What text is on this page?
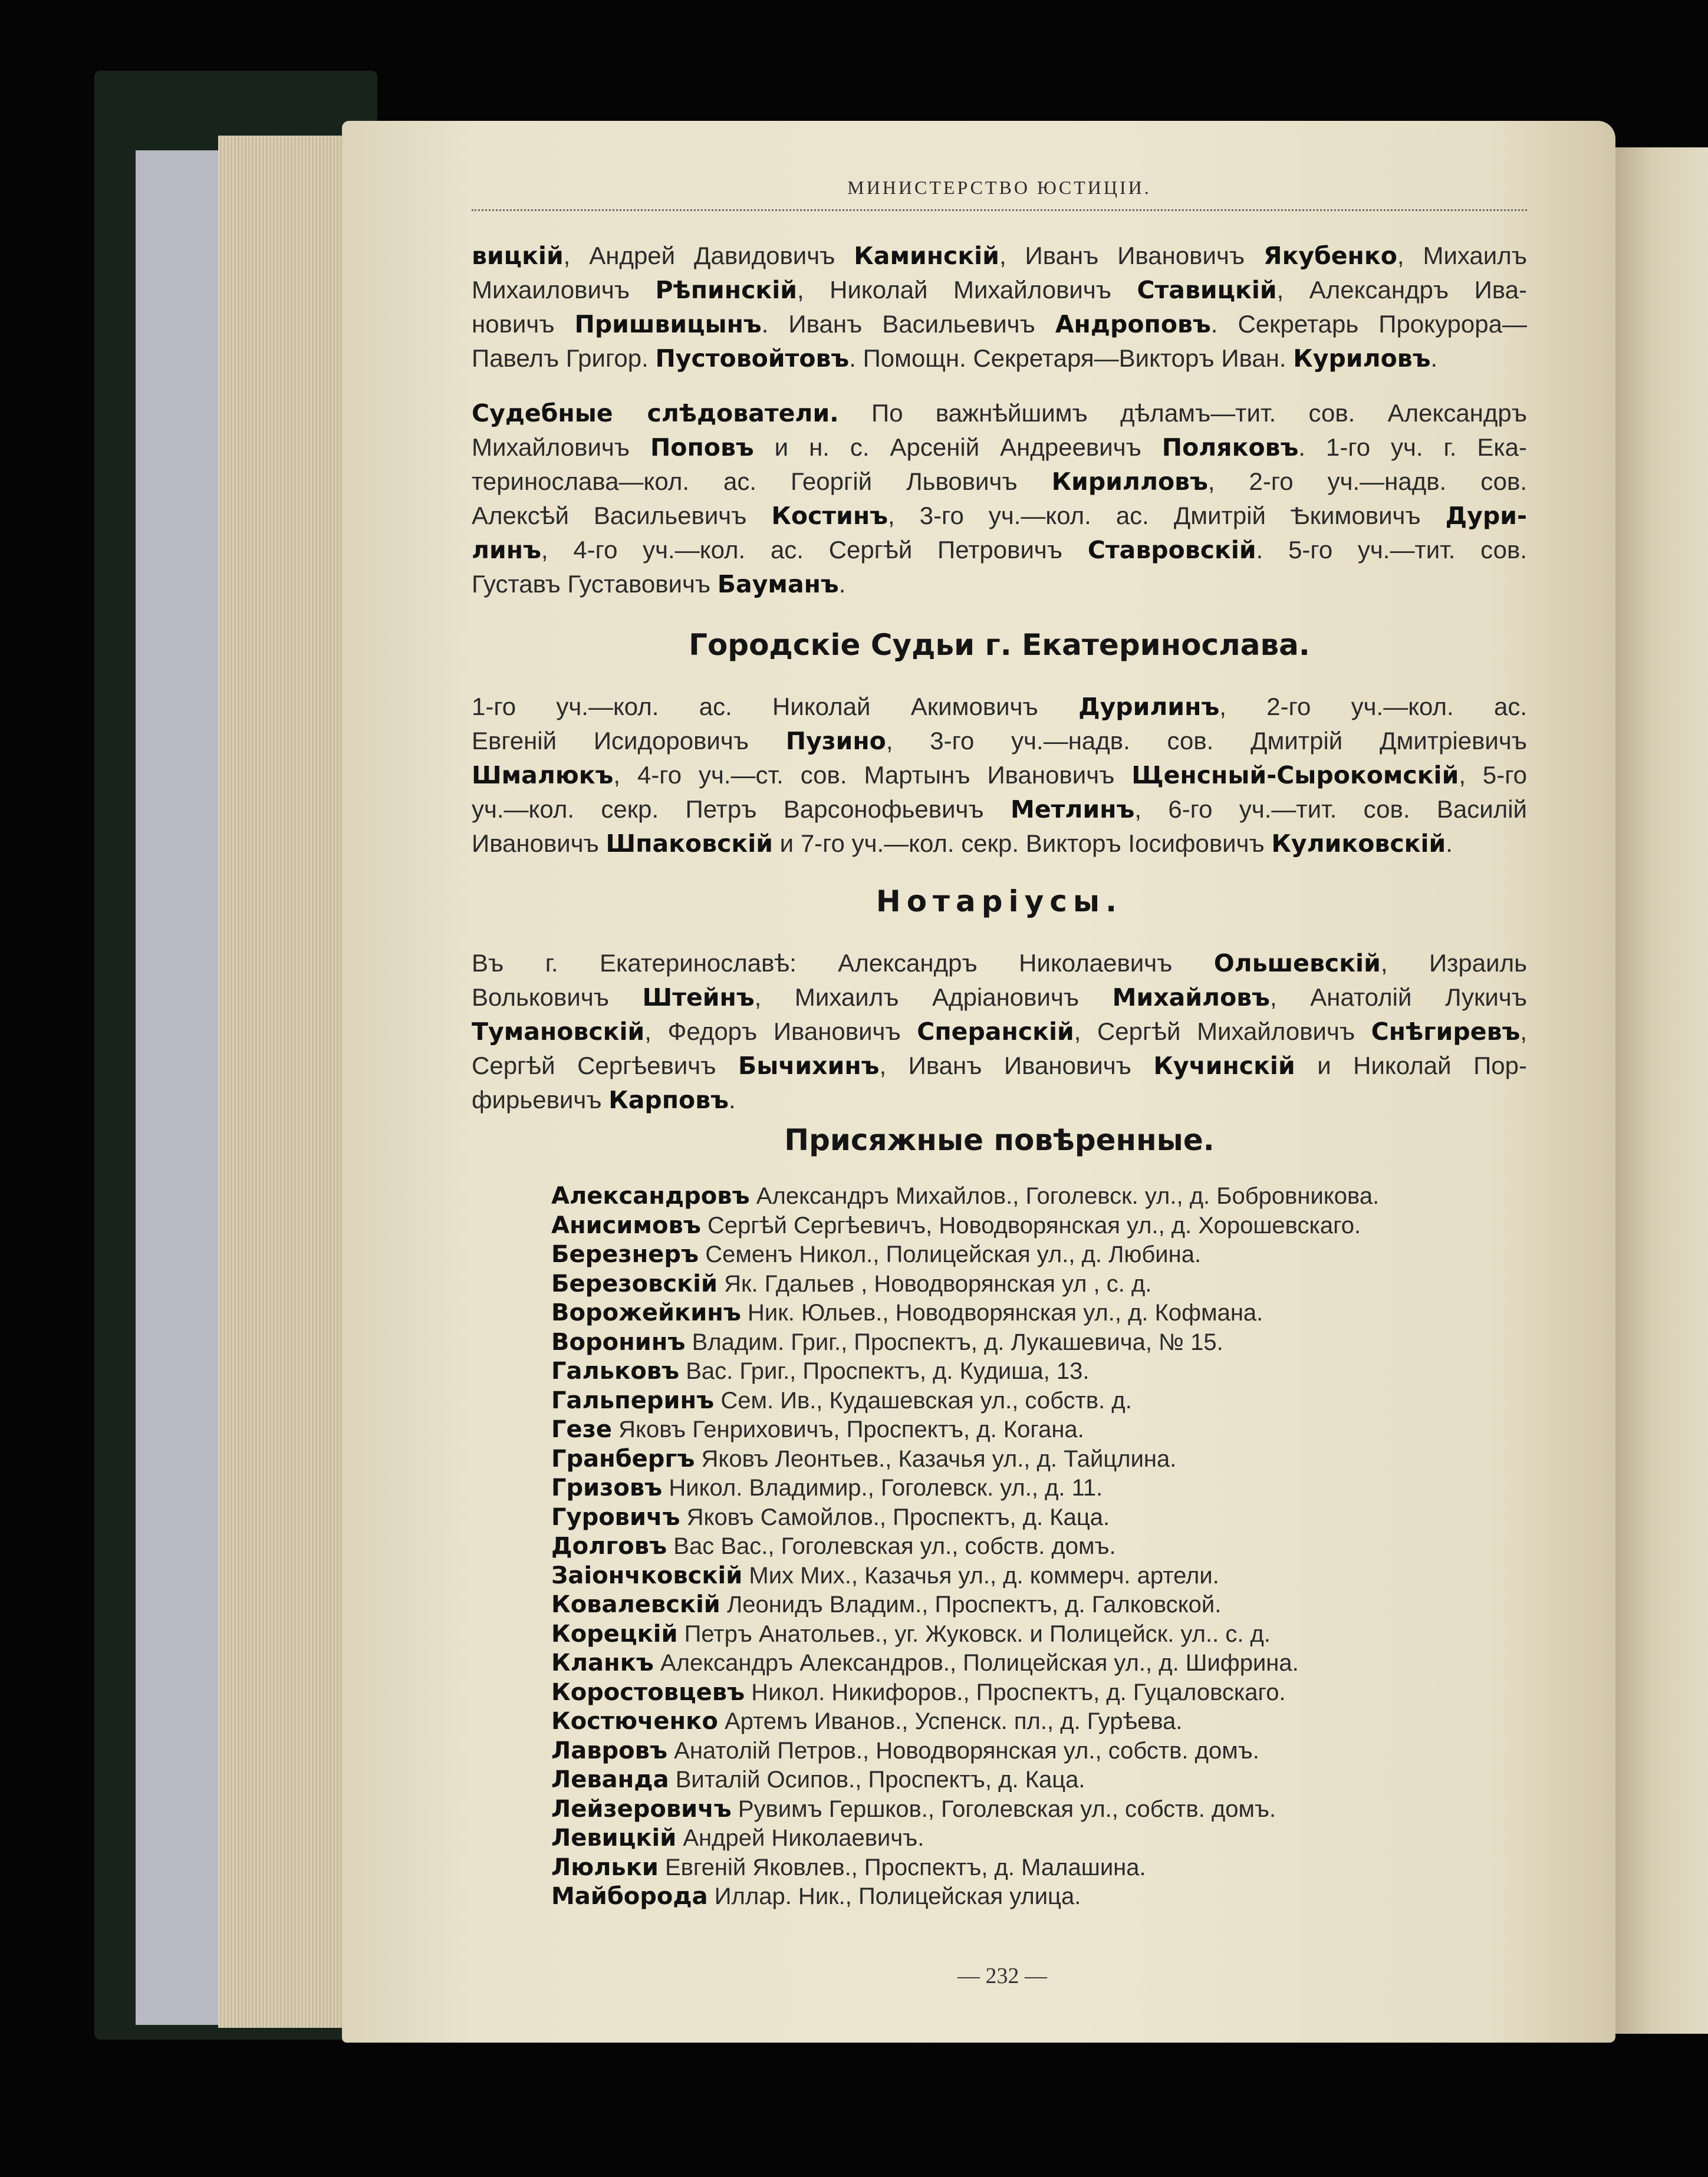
МИНИСТЕРСТВО ЮСТИЦІИ.
вицкій, Андрей Давидовичъ Каминскій, Иванъ Ивановичъ Якубенко, Михаилъ
Михаиловичъ Рѣпинскій, Николай Михайловичъ Ставицкій, Александръ Ива-
новичъ Пришвицынъ. Иванъ Васильевичъ Андроповъ. Секретарь Прокурора—
Павелъ Григор. Пустовойтовъ. Помощн. Секретаря—Викторъ Иван. Куриловъ.
Судебные слѣдователи. По важнѣйшимъ дѣламъ—тит. сов. Александръ
Михайловичъ Поповъ и н. с. Арсеній Андреевичъ Поляковъ. 1-го уч. г. Ека-
теринослава—кол. ас. Георгій Львовичъ Кирилловъ, 2-го уч.—надв. сов.
Алексѣй Васильевичъ Костинъ, 3-го уч.—кол. ас. Дмитрій Ѣкимовичъ Дури-
линъ, 4-го уч.—кол. ас. Сергѣй Петровичъ Ставровскій. 5-го уч.—тит. сов.
Густавъ Густавовичъ Бауманъ.
Городскіе Судьи г. Екатеринослава.
1-го уч.—кол. ас. Николай Акимовичъ Дурилинъ, 2-го уч.—кол. ас.
Евгеній Исидоровичъ Пузино, 3-го уч.—надв. сов. Дмитрій Дмитріевичъ
Шмалюкъ, 4-го уч.—ст. сов. Мартынъ Ивановичъ Щенсный-Сырокомскій, 5-го
уч.—кол. секр. Петръ Варсонофьевичъ Метлинъ, 6-го уч.—тит. сов. Василій
Ивановичъ Шпаковскій и 7-го уч.—кол. секр. Викторъ Іосифовичъ Куликовскій.
Нотаріусы.
Въ г. Екатеринославѣ: Александръ Николаевичъ Ольшевскій, Израиль
Вольковичъ Штейнъ, Михаилъ Адріановичъ Михайловъ, Анатолій Лукичъ
Тумановскій, Федоръ Ивановичъ Сперанскій, Сергѣй Михайловичъ Снѣгиревъ,
Сергѣй Сергѣевичъ Бычихинъ, Иванъ Ивановичъ Кучинскій и Николай Пор-
фирьевичъ Карповъ.
Присяжные повѣренные.
Александровъ Александръ Михайлов., Гоголевск. ул., д. Бобровникова.
Анисимовъ Сергѣй Сергѣевичъ, Новодворянская ул., д. Хорошевскаго.
Березнеръ Семенъ Никол., Полицейская ул., д. Любина.
Березовскій Як. Гдальев , Новодворянская ул , с. д.
Ворожейкинъ Ник. Юльев., Новодворянская ул., д. Кофмана.
Воронинъ Владим. Григ., Проспектъ, д. Лукашевича, № 15.
Гальковъ Вас. Григ., Проспектъ, д. Кудиша, 13.
Гальперинъ Сем. Ив., Кудашевская ул., собств. д.
Гезе Яковъ Генриховичъ, Проспектъ, д. Когана.
Гранбергъ Яковъ Леонтьев., Казачья ул., д. Тайцлина.
Гризовъ Никол. Владимир., Гоголевск. ул., д. 11.
Гуровичъ Яковъ Самойлов., Проспектъ, д. Каца.
Долговъ Вас Вас., Гоголевская ул., собств. домъ.
Заіончковскій Мих Мих., Казачья ул., д. коммерч. артели.
Ковалевскій Леонидъ Владим., Проспектъ, д. Галковской.
Корецкій Петръ Анатольев., уг. Жуковск. и Полицейск. ул.. с. д.
Кланкъ Александръ Александров., Полицейская ул., д. Шифрина.
Коростовцевъ Никол. Никифоров., Проспектъ, д. Гуцаловскаго.
Костюченко Артемъ Иванов., Успенск. пл., д. Гурѣева.
Лавровъ Анатолій Петров., Новодворянская ул., собств. домъ.
Леванда Виталій Осипов., Проспектъ, д. Каца.
Лейзеровичъ Рувимъ Гершков., Гоголевская ул., собств. домъ.
Левицкій Андрей Николаевичъ.
Люльки Евгеній Яковлев., Проспектъ, д. Малашина.
Майборода Иллар. Ник., Полицейская улица.
— 232 —
